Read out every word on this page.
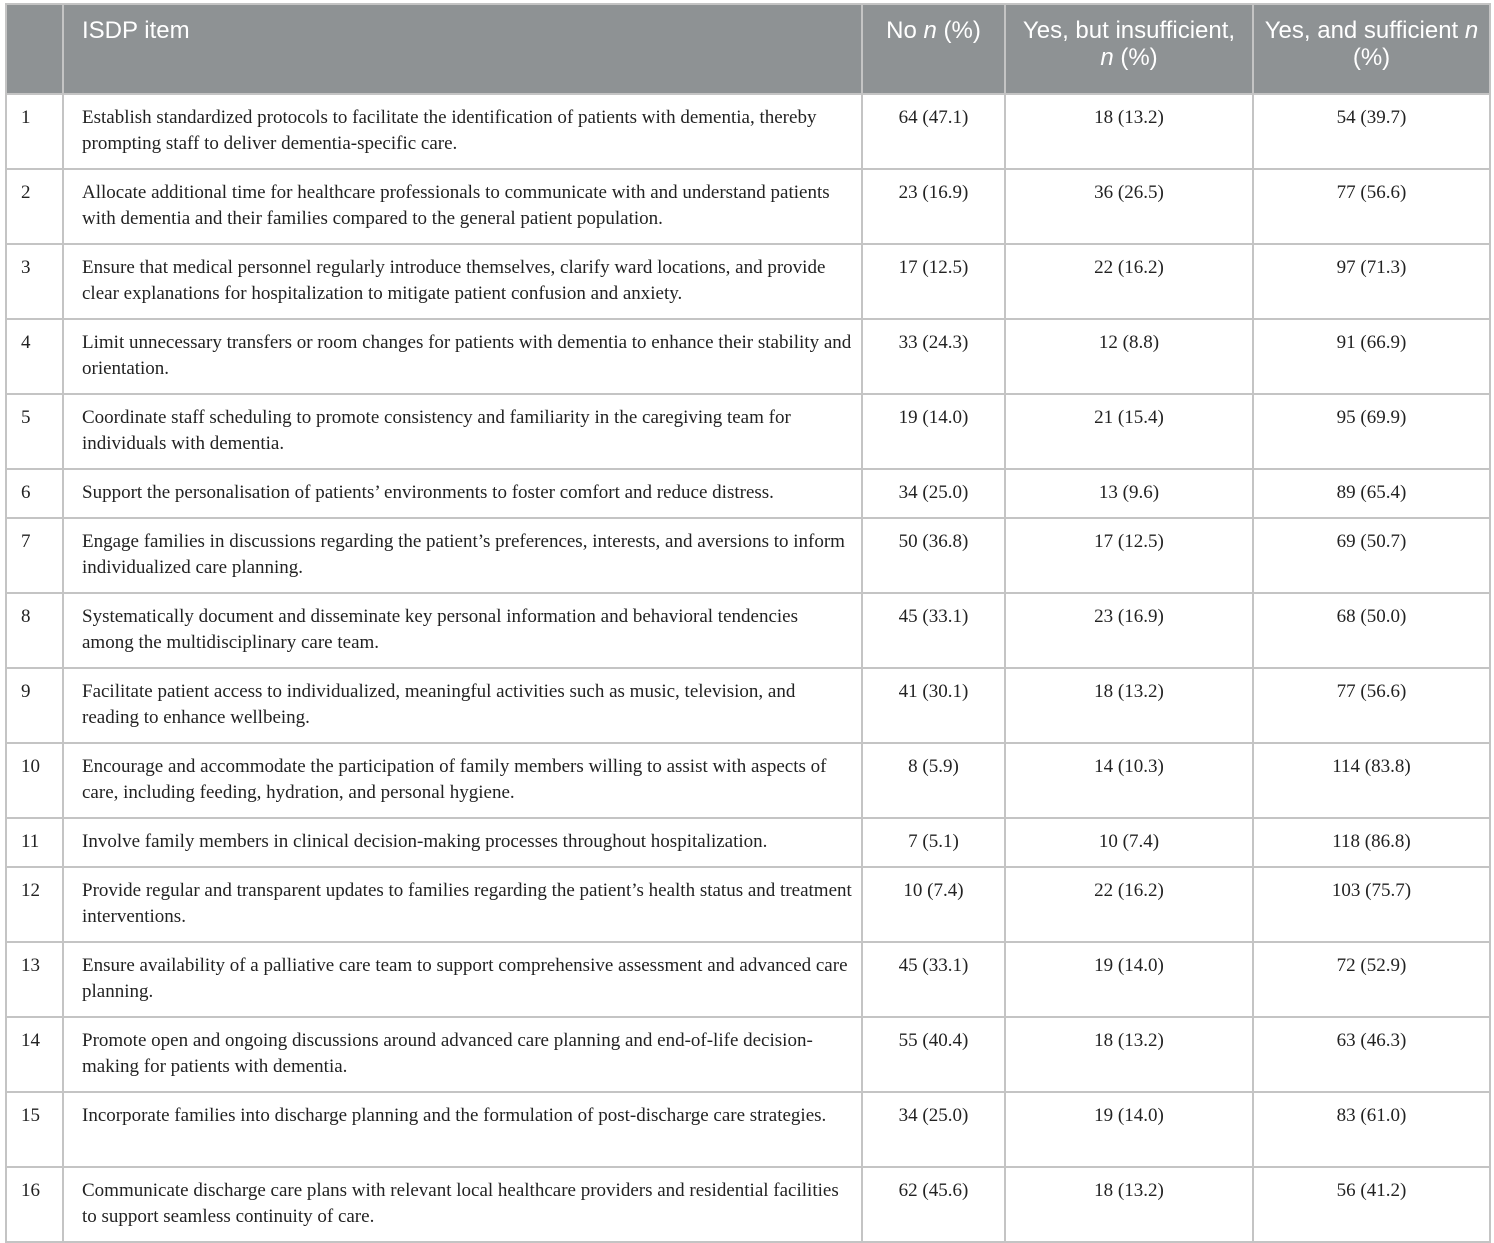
	ISDP item	No n (%)	Yes, but insufficient, n (%)	Yes, and sufficient n (%)
1	Establish standardized protocols to facilitate the identification of patients with dementia, thereby prompting staff to deliver dementia-specific care.	64 (47.1)	18 (13.2)	54 (39.7)
2	Allocate additional time for healthcare professionals to communicate with and understand patients with dementia and their families compared to the general patient population.	23 (16.9)	36 (26.5)	77 (56.6)
3	Ensure that medical personnel regularly introduce themselves, clarify ward locations, and provide clear explanations for hospitalization to mitigate patient confusion and anxiety.	17 (12.5)	22 (16.2)	97 (71.3)
4	Limit unnecessary transfers or room changes for patients with dementia to enhance their stability and orientation.	33 (24.3)	12 (8.8)	91 (66.9)
5	Coordinate staff scheduling to promote consistency and familiarity in the caregiving team for individuals with dementia.	19 (14.0)	21 (15.4)	95 (69.9)
6	Support the personalisation of patients’ environments to foster comfort and reduce distress.	34 (25.0)	13 (9.6)	89 (65.4)
7	Engage families in discussions regarding the patient’s preferences, interests, and aversions to inform individualized care planning.	50 (36.8)	17 (12.5)	69 (50.7)
8	Systematically document and disseminate key personal information and behavioral tendencies among the multidisciplinary care team.	45 (33.1)	23 (16.9)	68 (50.0)
9	Facilitate patient access to individualized, meaningful activities such as music, television, and reading to enhance wellbeing.	41 (30.1)	18 (13.2)	77 (56.6)
10	Encourage and accommodate the participation of family members willing to assist with aspects of care, including feeding, hydration, and personal hygiene.	8 (5.9)	14 (10.3)	114 (83.8)
11	Involve family members in clinical decision-making processes throughout hospitalization.	7 (5.1)	10 (7.4)	118 (86.8)
12	Provide regular and transparent updates to families regarding the patient’s health status and treatment interventions.	10 (7.4)	22 (16.2)	103 (75.7)
13	Ensure availability of a palliative care team to support comprehensive assessment and advanced care planning.	45 (33.1)	19 (14.0)	72 (52.9)
14	Promote open and ongoing discussions around advanced care planning and end-of-life decision-making for patients with dementia.	55 (40.4)	18 (13.2)	63 (46.3)
15	Incorporate families into discharge planning and the formulation of post-discharge care strategies.	34 (25.0)	19 (14.0)	83 (61.0)
16	Communicate discharge care plans with relevant local healthcare providers and residential facilities to support seamless continuity of care.	62 (45.6)	18 (13.2)	56 (41.2)
